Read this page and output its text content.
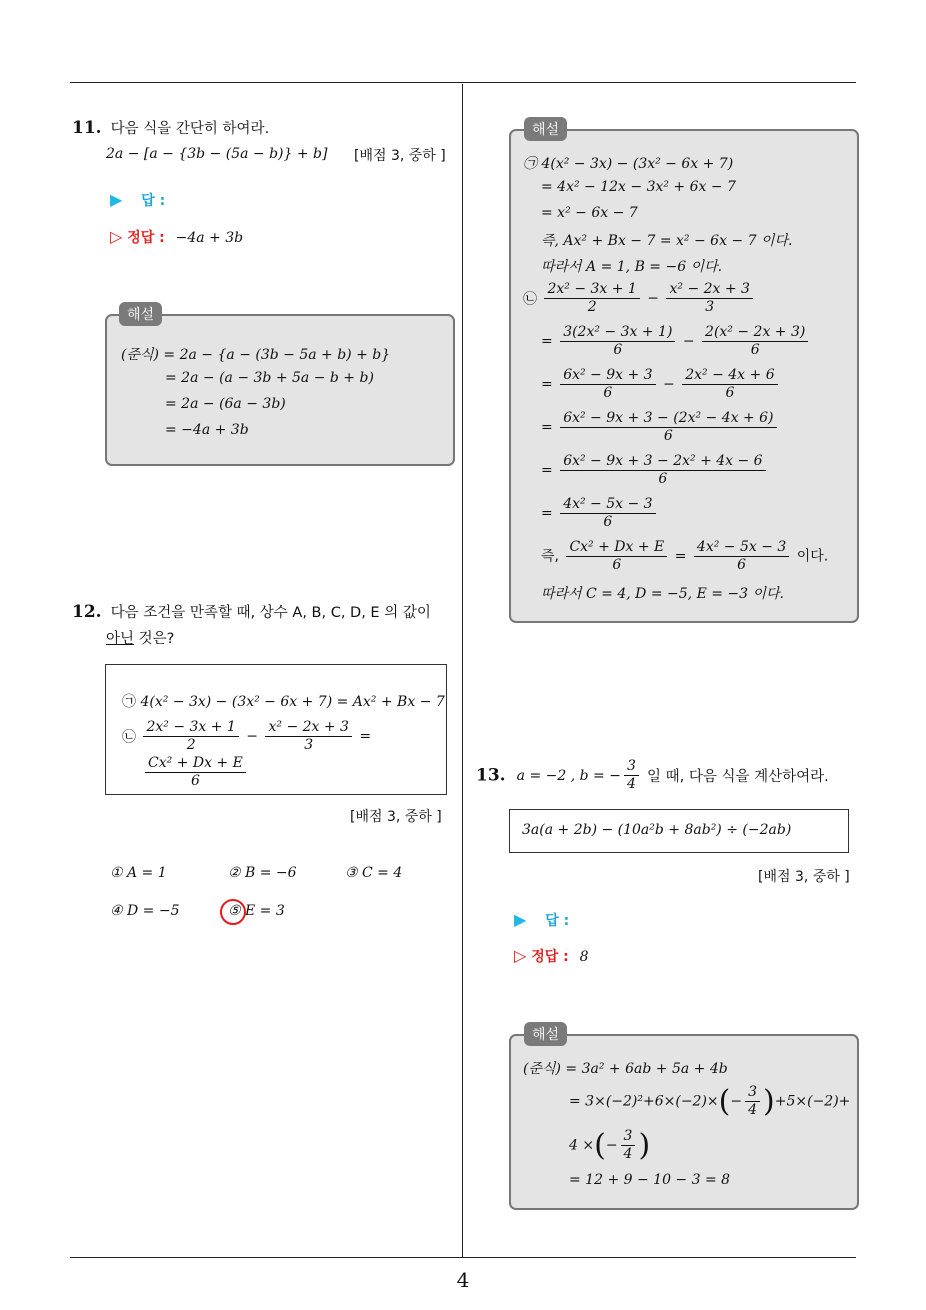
4
11. 다음 식을 간단히 하여라.
2a − [a − {3b − (5a − b)} + b] [배점 3, 중하 ]
▶ 답 :
▷ 정답 : −4a + 3b
(준식) = 2a − {a − (3b − 5a + b) + b}
= 2a − (a − 3b + 5a − b + b)
= 2a − (6a − 3b)
= −4a + 3b
해설
12. 다음 조건을 만족할 때, 상수 A, B, C, D, E 의 값이
아닌 것은?
㉠ 4(x² − 3x) − (3x² − 6x + 7) = Ax² + Bx − 7
㉡ $\frac{\text{2x² − 3x + 1}}{2} - \frac{\text{x² − 2x + 3}}{3}$ =
$\frac{\text{Cx² + Dx + E}}{6}$
[배점 3, 중하 ]
① A = 1	② B = −6	③ C = 4
④ D = −5	⑤ E = 3
㉠ 4(x² − 3x) − (3x² − 6x + 7)
= 4x² − 12x − 3x² + 6x − 7
= x² − 6x − 7
즉, Ax² + Bx − 7 = x² − 6x − 7 이다.
따라서 A = 1, B = −6 이다.
㉡ $\frac{\text{2x² − 3x + 1}}{2} - \frac{\text{x² − 2x + 3}}{3}$
= $\frac{\text{3(2x² − 3x + 1)}}{6} - \frac{\text{2(x² − 2x + 3)}}{6}$
= $\frac{\text{6x² − 9x + 3}}{6} - \frac{\text{2x² − 4x + 6}}{6}$
= $\frac{\text{6x² − 9x + 3 − (2x² − 4x + 6)}}{6}$
= $\frac{\text{6x² − 9x + 3 − 2x² + 4x − 6}}{6}$
= $\frac{\text{4x² − 5x − 3}}{6}$
즉, $\frac{\text{Cx² + Dx + E}}{6} = \frac{\text{4x² − 5x − 3}}{6}$ 이다.
따라서 C = 4, D = −5, E = −3 이다.
해설
13. a = −2 , b = − $\frac{3}{4}$ 일 때, 다음 식을 계산하여라.
3a(a + 2b) − (10a²b + 8ab²) ÷ (−2ab)
[배점 3, 중하 ]
▶ 답 :
▷ 정답 : 8
(준식) = 3a² + 6ab + 5a + 4b
= $3\times(-2)^2+6\times(-2)\times(- \frac{3}{4} )+5\times(-2)+$
4 ×(− $\frac{3}{4}$ )
= 12 + 9 − 10 − 3 = 8
해설
